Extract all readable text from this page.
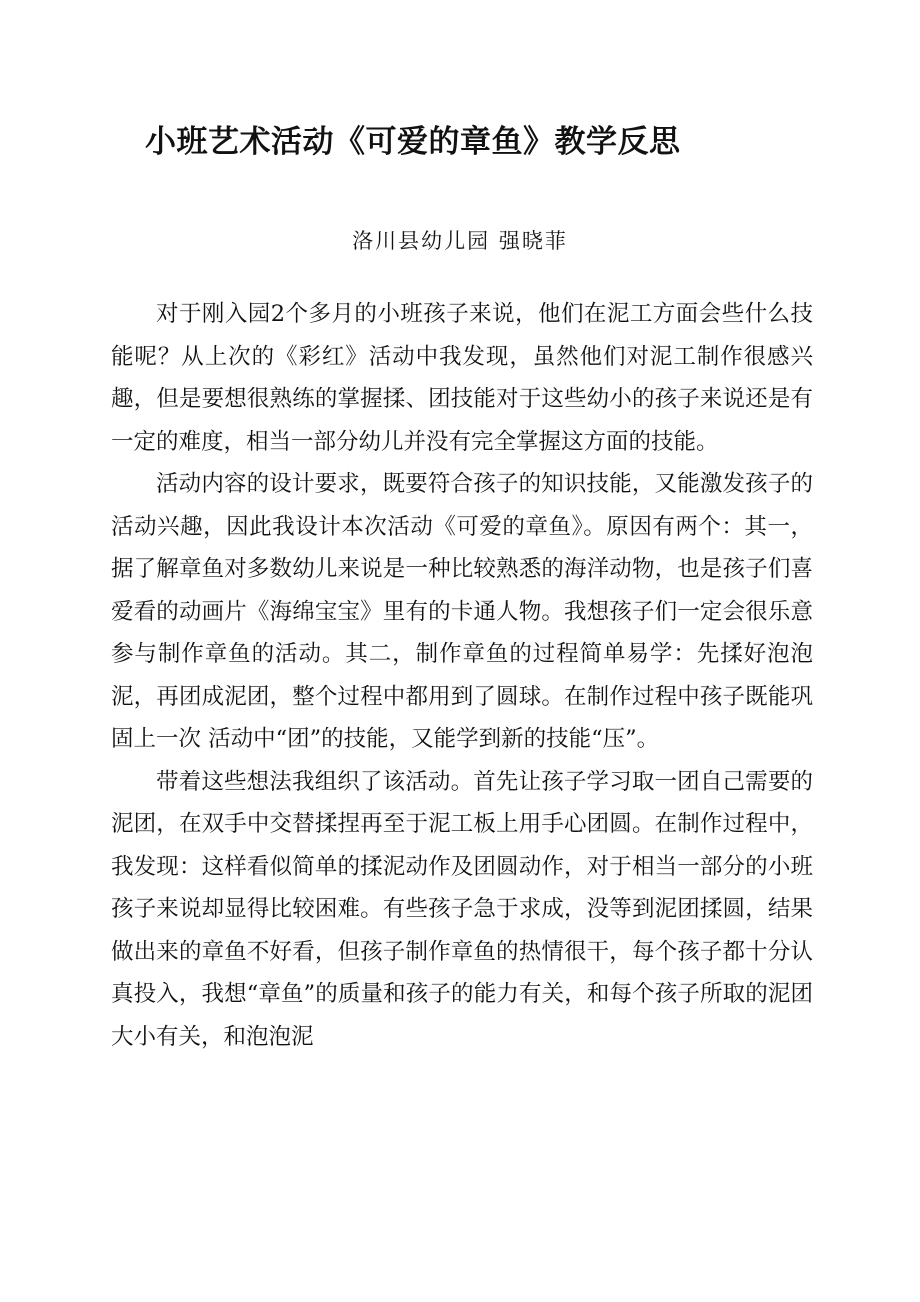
小班艺术活动《可爱的章鱼》教学反思
洛川县幼儿园 强晓菲

对于刚入园2个多月的小班孩子来说，他们在泥工方面会些什么技能呢？从上次的《彩红》活动中我发现，虽然他们对泥工制作很感兴趣，但是要想很熟练的掌握揉、团技能对于这些幼小的孩子来说还是有一定的难度，相当一部分幼儿并没有完全掌握这方面的技能。

活动内容的设计要求，既要符合孩子的知识技能，又能激发孩子的活动兴趣，因此我设计本次活动《可爱的章鱼》。原因有两个：其一，据了解章鱼对多数幼儿来说是一种比较熟悉的海洋动物，也是孩子们喜爱看的动画片《海绵宝宝》里有的卡通人物。我想孩子们一定会很乐意参与制作章鱼的活动。其二，制作章鱼的过程简单易学：先揉好泡泡泥，再团成泥团，整个过程中都用到了圆球。在制作过程中孩子既能巩固上一次 活动中“团”的技能，又能学到新的技能“压”。

带着这些想法我组织了该活动。首先让孩子学习取一团自己需要的泥团，在双手中交替揉捏再至于泥工板上用手心团圆。在制作过程中，我发现：这样看似简单的揉泥动作及团圆动作，对于相当一部分的小班孩子来说却显得比较困难。有些孩子急于求成，没等到泥团揉圆，结果做出来的章鱼不好看，但孩子制作章鱼的热情很干，每个孩子都十分认真投入，我想“章鱼”的质量和孩子的能力有关，和每个孩子所取的泥团大小有关，和泡泡泥
